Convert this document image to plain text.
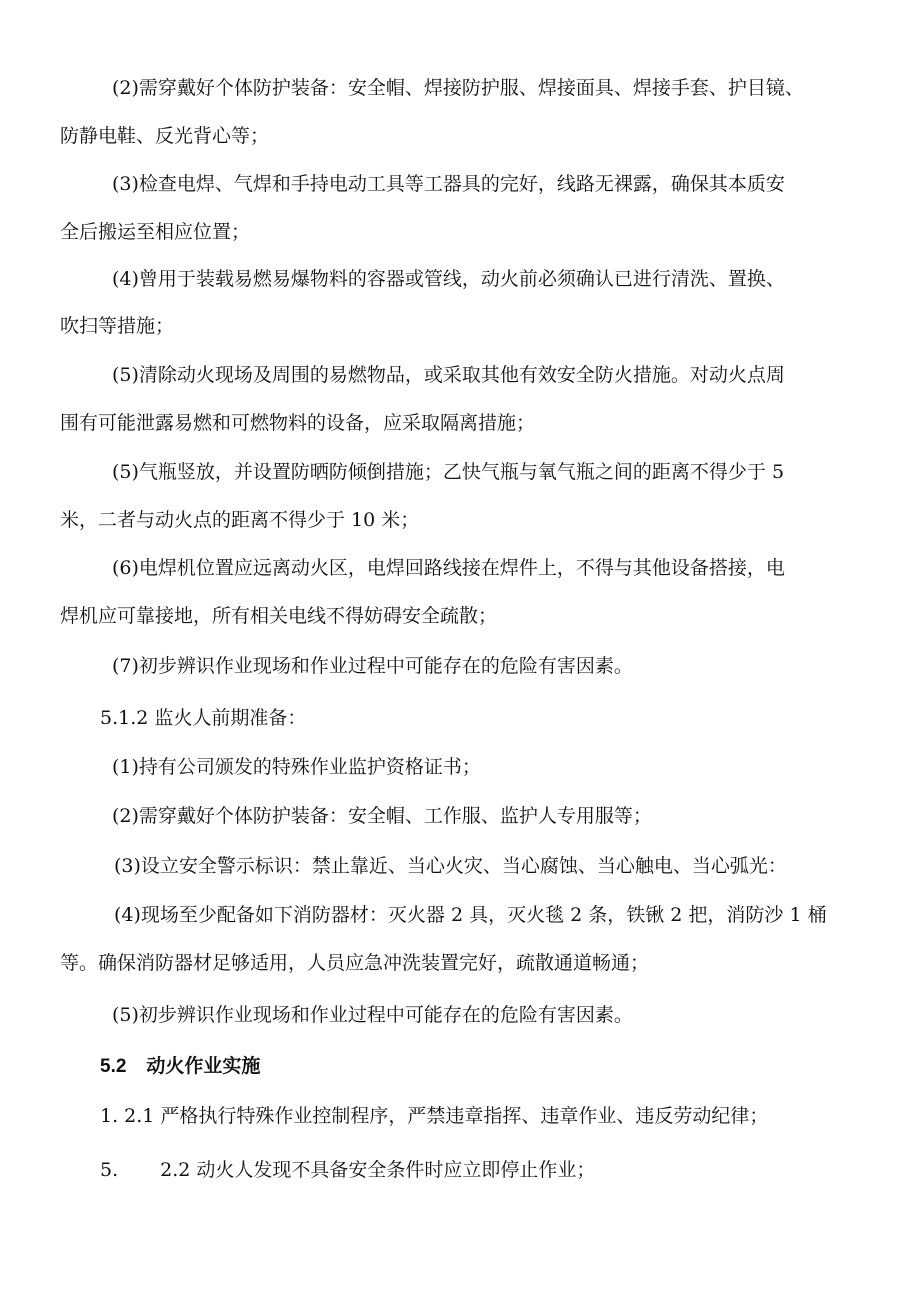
(2)需穿戴好个体防护装备：安全帽、焊接防护服、焊接面具、焊接手套、护目镜、
防静电鞋、反光背心等；
(3)检查电焊、气焊和手持电动工具等工器具的完好，线路无裸露，确保其本质安
全后搬运至相应位置；
(4)曾用于装载易燃易爆物料的容器或管线，动火前必须确认已进行清洗、置换、
吹扫等措施；
(5)清除动火现场及周围的易燃物品，或采取其他有效安全防火措施。对动火点周
围有可能泄露易燃和可燃物料的设备，应采取隔离措施；
(5)气瓶竖放，并设置防晒防倾倒措施；乙快气瓶与氧气瓶之间的距离不得少于 5
米，二者与动火点的距离不得少于 10 米；
(6)电焊机位置应远离动火区，电焊回路线接在焊件上，不得与其他设备搭接，电
焊机应可靠接地，所有相关电线不得妨碍安全疏散；
(7)初步辨识作业现场和作业过程中可能存在的危险有害因素。
5.1.2 监火人前期准备：
(1)持有公司颁发的特殊作业监护资格证书；
(2)需穿戴好个体防护装备：安全帽、工作服、监护人专用服等；
(3)设立安全警示标识：禁止靠近、当心火灾、当心腐蚀、当心触电、当心弧光：
(4)现场至少配备如下消防器材：灭火器 2 具，灭火毯 2 条，铁锹 2 把，消防沙 1 桶
等。确保消防器材足够适用，人员应急冲洗装置完好，疏散通道畅通；
(5)初步辨识作业现场和作业过程中可能存在的危险有害因素。
5.2 动火作业实施
1. 2.1 严格执行特殊作业控制程序，严禁违章指挥、违章作业、违反劳动纪律；
5. 2.2 动火人发现不具备安全条件时应立即停止作业；
